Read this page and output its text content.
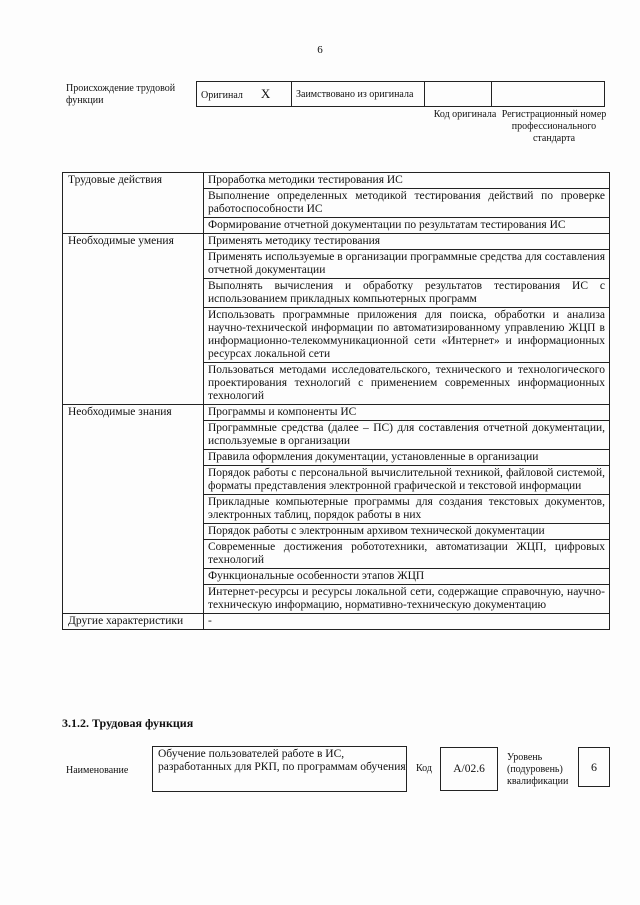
6
Происхождение трудовой функции	Оригинал X	Заимствовано из оригинала		
Код оригинала Регистрационный номер профессионального стандарта
Трудовые действия	Проработка методики тестирования ИС
	Выполнение определенных методикой тестирования действий по проверке работоспособности ИС
	Формирование отчетной документации по результатам тестирования ИС
Необходимые умения	Применять методику тестирования
	Применять используемые в организации программные средства для составления отчетной документации
	Выполнять вычисления и обработку результатов тестирования ИС с использованием прикладных компьютерных программ
	Использовать программные приложения для поиска, обработки и анализа научно-технической информации по автоматизированному управлению ЖЦП в информационно-телекоммуникационной сети «Интернет» и информационных ресурсах локальной сети
	Пользоваться методами исследовательского, технического и технологического проектирования технологий с применением современных информационных технологий
Необходимые знания	Программы и компоненты ИС
	Программные средства (далее – ПС) для составления отчетной документации, используемые в организации
	Правила оформления документации, установленные в организации
	Порядок работы с персональной вычислительной техникой, файловой системой, форматы представления электронной графической и текстовой информации
	Прикладные компьютерные программы для создания текстовых документов, электронных таблиц, порядок работы в них
	Порядок работы с электронным архивом технической документации
	Современные достижения робототехники, автоматизации ЖЦП, цифровых технологий
	Функциональные особенности этапов ЖЦП
	Интернет-ресурсы и ресурсы локальной сети, содержащие справочную, научно-техническую информацию, нормативно-техническую документацию
Другие характеристики	-
3.1.2. Трудовая функция
Наименование
Обучение пользователей работе в ИС, разработанных для РКП, по программам обучения Код	А/02.6
Уровень (подуровень) квалификации
6
